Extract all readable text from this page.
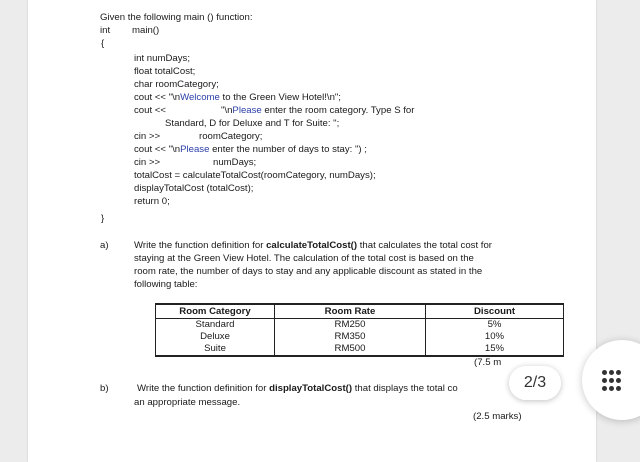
Given the following main () function:
int main()
{
int numDays;
float totalCost;
char roomCategory;
cout << "\nWelcome to the Green View Hotel!\n";
cout <<	"\nPlease enter the room category. Type S for
Standard, D for Deluxe and T for Suite: ";
cin >>	roomCategory;
cout << "\nPlease enter the number of days to stay: ") ;
cin >>	numDays;
totalCost = calculateTotalCost(roomCategory, numDays);
displayTotalCost (totalCost);
return 0;
}
a)	Write the function definition for calculateTotalCost() that calculates the total cost for
staying at the Green View Hotel. The calculation of the total cost is based on the
room rate, the number of days to stay and any applicable discount as stated in the
following table:
Room Category	Room Rate	Discount
Standard	RM250	5%
Deluxe	RM350	10%
Suite	RM500	15%
(7.5 m
b)	Write the function definition for displayTotalCost() that displays the total co
an appropriate message.
(2.5 marks)
2/3
